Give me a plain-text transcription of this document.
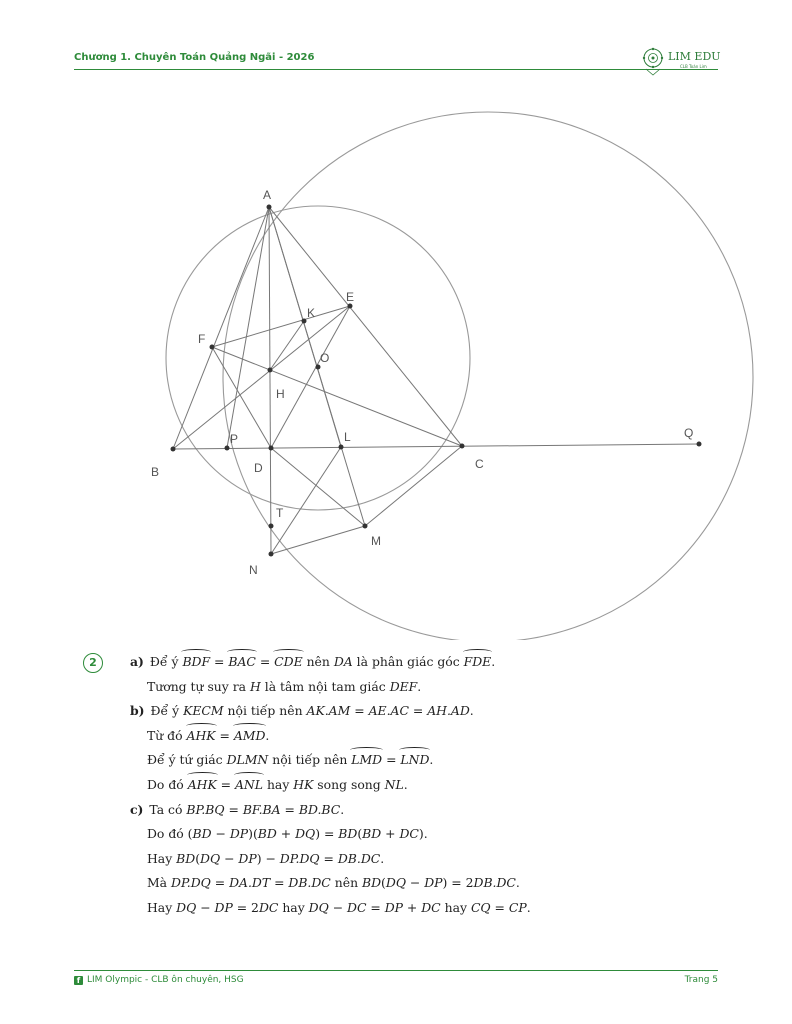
Chương 1. Chuyên Toán Quảng Ngãi - 2026	LIM EDU
CLB Toán Lim
A
E
K
F
O
H
P	L	Q
B	D	C
T
M
N
2	a) Để ý BDF = BAC = CDE nên DA là phân giác góc FDE.
Tương tự suy ra H là tâm nội tam giác DEF.
b) Để ý KECM nội tiếp nên AK.AM = AE.AC = AH.AD.
Từ đó AHK = AMD.
Để ý tứ giác DLMN nội tiếp nên LMD = LND.
Do đó AHK = ANL hay HK song song NL.
c) Ta có BP.BQ = BF.BA = BD.BC.
Do đó (BD − DP)(BD + DQ) = BD(BD + DC).
Hay BD(DQ − DP) − DP.DQ = DB.DC.
Mà DP.DQ = DA.DT = DB.DC nên BD(DQ − DP) = 2DB.DC.
Hay DQ − DP = 2DC hay DQ − DC = DP + DC hay CQ = CP.
f LIM Olympic - CLB ôn chuyên, HSG	Trang 5
